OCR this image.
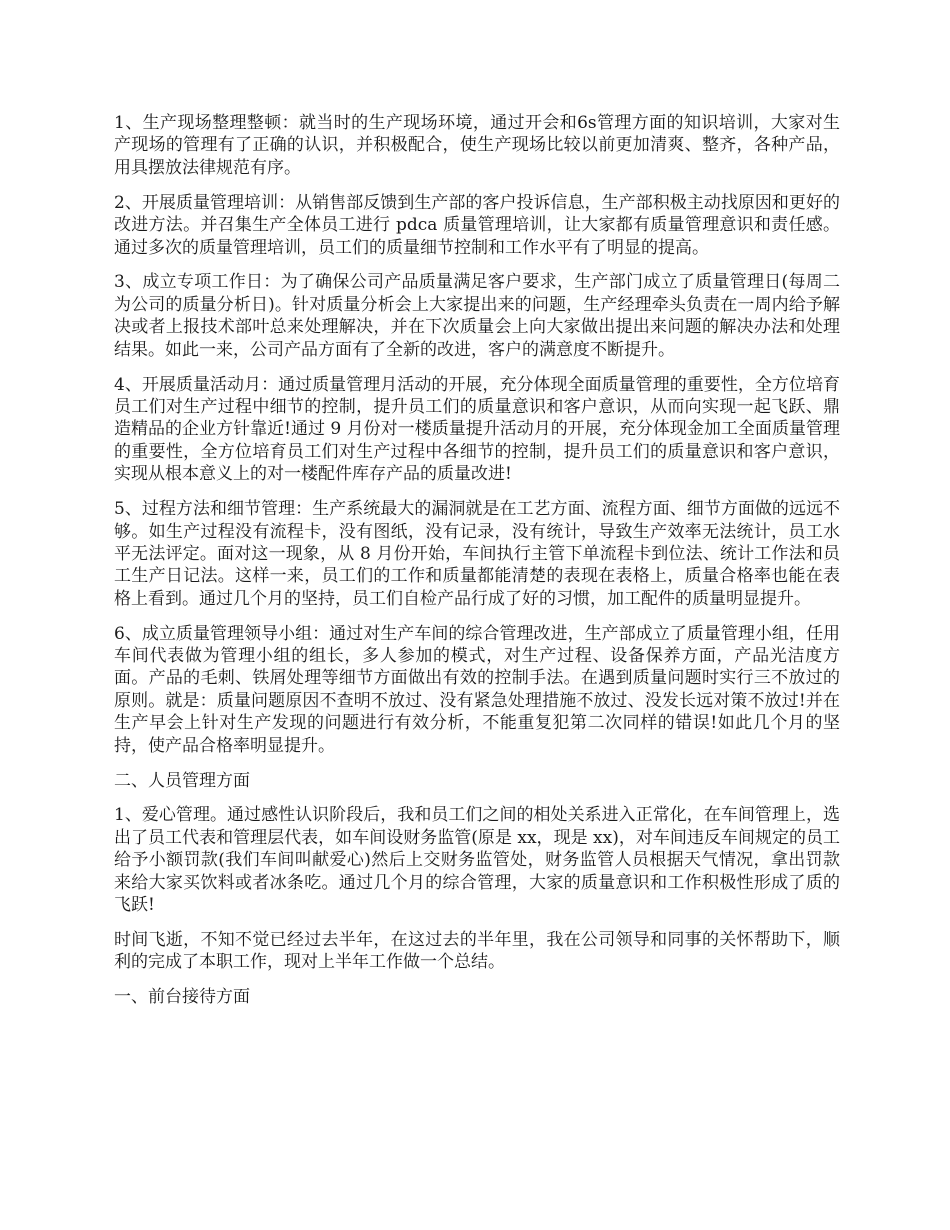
1、生产现场整理整顿：就当时的生产现场环境，通过开会和6s管理方面的知识培训，大家对生产现场的管理有了正确的认识，并积极配合，使生产现场比较以前更加清爽、整齐，各种产品，用具摆放法律规范有序。

2、开展质量管理培训：从销售部反馈到生产部的客户投诉信息，生产部积极主动找原因和更好的改进方法。并召集生产全体员工进行 pdca 质量管理培训，让大家都有质量管理意识和责任感。通过多次的质量管理培训，员工们的质量细节控制和工作水平有了明显的提高。

3、成立专项工作日：为了确保公司产品质量满足客户要求，生产部门成立了质量管理日(每周二为公司的质量分析日)。针对质量分析会上大家提出来的问题，生产经理牵头负责在一周内给予解决或者上报技术部叶总来处理解决，并在下次质量会上向大家做出提出来问题的解决办法和处理结果。如此一来，公司产品方面有了全新的改进，客户的满意度不断提升。

4、开展质量活动月：通过质量管理月活动的开展，充分体现全面质量管理的重要性，全方位培育员工们对生产过程中细节的控制，提升员工们的质量意识和客户意识，从而向实现一起飞跃、鼎造精品的企业方针靠近!通过 9 月份对一楼质量提升活动月的开展，充分体现金加工全面质量管理的重要性，全方位培育员工们对生产过程中各细节的控制，提升员工们的质量意识和客户意识，实现从根本意义上的对一楼配件库存产品的质量改进!

5、过程方法和细节管理：生产系统最大的漏洞就是在工艺方面、流程方面、细节方面做的远远不够。如生产过程没有流程卡，没有图纸，没有记录，没有统计，导致生产效率无法统计，员工水平无法评定。面对这一现象，从 8 月份开始，车间执行主管下单流程卡到位法、统计工作法和员工生产日记法。这样一来，员工们的工作和质量都能清楚的表现在表格上，质量合格率也能在表格上看到。通过几个月的坚持，员工们自检产品行成了好的习惯，加工配件的质量明显提升。

6、成立质量管理领导小组：通过对生产车间的综合管理改进，生产部成立了质量管理小组，任用车间代表做为管理小组的组长，多人参加的模式，对生产过程、设备保养方面，产品光洁度方面。产品的毛刺、铁屑处理等细节方面做出有效的控制手法。在遇到质量问题时实行三不放过的原则。就是：质量问题原因不查明不放过、没有紧急处理措施不放过、没发长远对策不放过!并在生产早会上针对生产发现的问题进行有效分析，不能重复犯第二次同样的错误!如此几个月的坚持，使产品合格率明显提升。

二、人员管理方面

1、爱心管理。通过感性认识阶段后，我和员工们之间的相处关系进入正常化，在车间管理上，选出了员工代表和管理层代表，如车间设财务监管(原是 xx，现是 xx)，对车间违反车间规定的员工给予小额罚款(我们车间叫献爱心)然后上交财务监管处，财务监管人员根据天气情况，拿出罚款来给大家买饮料或者冰条吃。通过几个月的综合管理，大家的质量意识和工作积极性形成了质的飞跃!

时间飞逝，不知不觉已经过去半年，在这过去的半年里，我在公司领导和同事的关怀帮助下，顺利的完成了本职工作，现对上半年工作做一个总结。

一、前台接待方面
